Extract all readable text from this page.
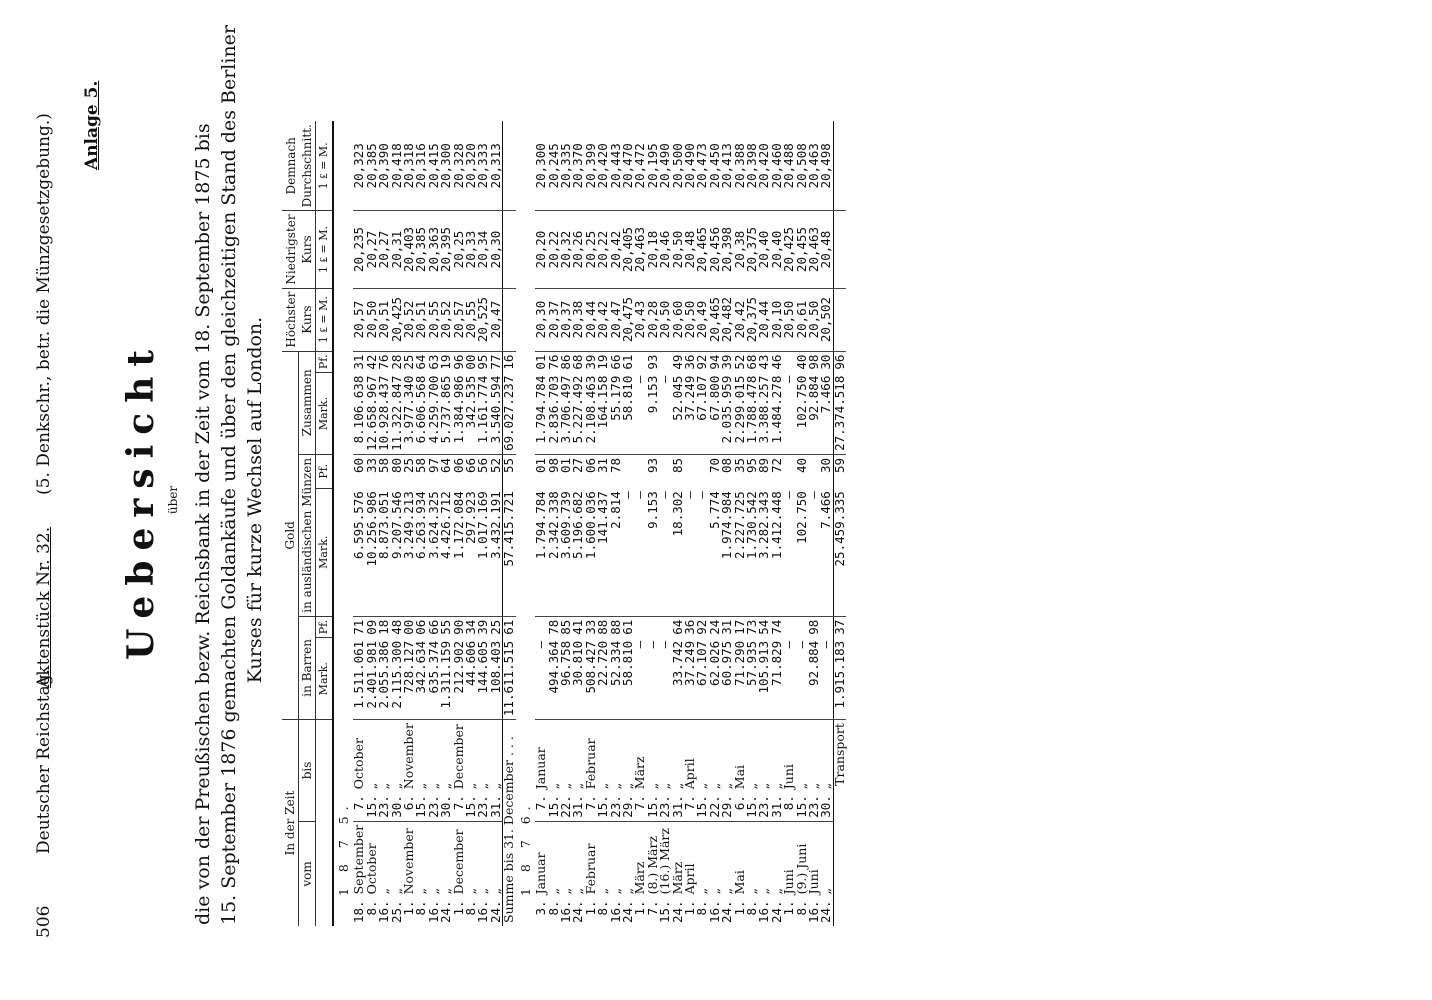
506
Deutscher Reichstag.
Aktenstück Nr. 32.
(5. Denkschr., betr. die Münzgesetzgebung.) Anlage 5.
Uebersicht über die von der Preußischen bezw. Reichsbank in der Zeit vom 18. September 1875 bis 15. September 1876 gemachten Goldankäufe und über den gleichzeitigen Stand des Berliner Kurses für kurze Wechsel auf London.
In der Zeit				Gold						Höchster Kurs	Niedrigster Kurs	Demnach Durchschnitt.
vom		bis		in Barren		in ausländischen Münzen		Zusammen				

				Mark.	Pf.	Mark.	Pf.	Mark.	Pf.	1 ₤ = M.	1 ₤ = M.	1 ₤ = M.
1 8 7 5.												
18.	September	7.	October	1.511.061	71	6.595.576	60	8.106.638	31	20,57	20,235	20,323
8.	October	15.	„	2.401.981	09	10.256.986	33	12.658.967	42	20,50	20,27	20,385
16.	„	23.	„	2.055.386	18	8.873.051	58	10.928.437	76	20,51	20,27	20,390
25.	„	30.	„	2.115.300	48	9.207.546	80	11.322.847	28	20,425	20,31	20,418
1.	November	6.	November	728.127	00	3.249.213	25	3.977.340	25	20,52	20,403	20,318
8.	„	15.	„	342.634	06	6.263.934	58	6.606.568	64	20,51	20,385	20,316
16.	„	23.	„	635.374	66	3.624.325	97	4.259.700	63	20,55	20,363	20,415
24.	„	30.	„	1.311.159	55	4.426.712	64	5.737.865	19	20,52	20,395	20,300
1.	December	7.	December	212.902	90	1.172.084	06	1.384.986	96	20,57	20,25	20,328
8.	„	15.	„	44.606	34	297.923	66	342.535	00	20,55	20,33	20,320
16.	„	23.	„	144.605	39	1.017.169	56	1.161.774	95	20,525	20,34	20,333
24.	„	31.	„	108.403	25	3.432.191	52	3.540.594	77	20,47	20,30	20,313
Summe bis 31. December . . .				11.611.515	61	57.415.721	55	69.027.237	16			
1 8 7 6.												
3.	Januar	7.	Januar	—		1.794.784	01	1.794.784	01	20,30	20,20	20,300
8.	„	15.	„	494.364	78	2.342.338	98	2.836.703	76	20,37	20,22	20,245
16.	„	22.	„	96.758	85	3.609.739	01	3.706.497	86	20,37	20,32	20,335
24.	„	31.	„	30.810	41	5.196.682	27	5.227.492	68	20,38	20,26	20,370
1.	Februar	7.	Februar	508.427	33	1.600.036	06	2.108.463	39	20,44	20,25	20,399
8.	„	15.	„	22.720	88	141.437	31	164.158	19	20,42	20,22	20,420
16.	„	23.	„	52.334	88	2.814	78	55.179	66	20,47	20,42	20,443
24.	„	29.	„	58.810	61	—		58.810	61	20,475	20,405	20,470
1.	März	7.	März	—		—		—		20,43	20,463	20,472
7.	(8.) März	15.	„	—		9.153	93	9.153	93	20,28	20,18	20,195
15.	(16.) März	23.	„	—		—		—		20,50	20,46	20,490
24.	März	31.	„	33.742	64	18.302	85	52.045	49	20,60	20,50	20,500
1.	April	7.	April	37.249	36	—		37.249	36	20,50	20,48	20,490
8.	„	15.	„	67.107	92	—		67.107	92	20,49	20,465	20,473
16.	„	22.	„	62.026	24	5.774	70	67.800	94	20,465	20,456	20,450
24.	„	29.	„	60.975	31	1.974.984	08	2.035.959	39	20,482	20,398	20,413
1.	Mai	6.	Mai	71.290	17	2.227.725	35	2.299.015	52	20,42	20,38	20,388
8.	„	15.	„	57.935	73	1.730.542	95	1.788.478	68	20,375	20,375	20,398
16.	„	23.	„	105.913	54	3.282.343	89	3.388.257	43	20,44	20,40	20,420
24.	„	31.	„	71.829	74	1.412.448	72	1.484.278	46	20,10	20,40	20,460
1.	Juni	8.	Juni	—		—		—		20,50	20,425	20,488
8.	(9.) Juni	15.	„	—		102.750	40	102.750	40	20,61	20,455	20,508
16.	Juni	23.	„	92.884	98	—		92.884	98	20,50	20,463	20,463
24.	„	30.	„	—		7.466	30	7.466	30	20,502	20,48	20,498
Transport				1.915.183	37	25.459.335	59	27.374.518	96			
